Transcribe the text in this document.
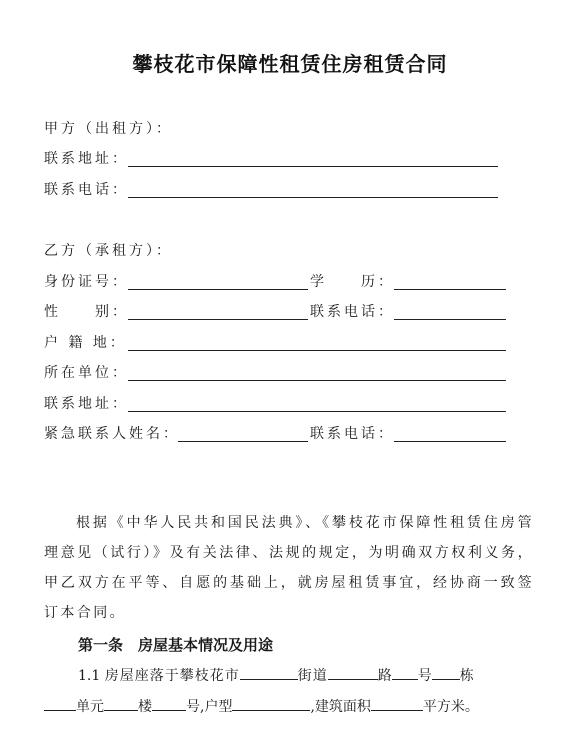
攀枝花市保障性租赁住房租赁合同
甲方（出租方）：
联系地址：
联系电话：
乙方（承租方）：
身份证号：	学　　历：
性　　别：	联系电话：
户 籍 地：
所在单位：
联系地址：
紧急联系人姓名：	联系电话：
根据《中华人民共和国民法典》、《攀枝花市保障性租赁住房管理意见（试行）》及有关法律、法规的规定，为明确双方权利义务，甲乙双方在平等、自愿的基础上，就房屋租赁事宜，经协商一致签订本合同。
第一条　房屋基本情况及用途
1.1 房屋座落于攀枝花市	街道	路 号 栋
单元 楼 号,户型	,建筑面积	平方米。
